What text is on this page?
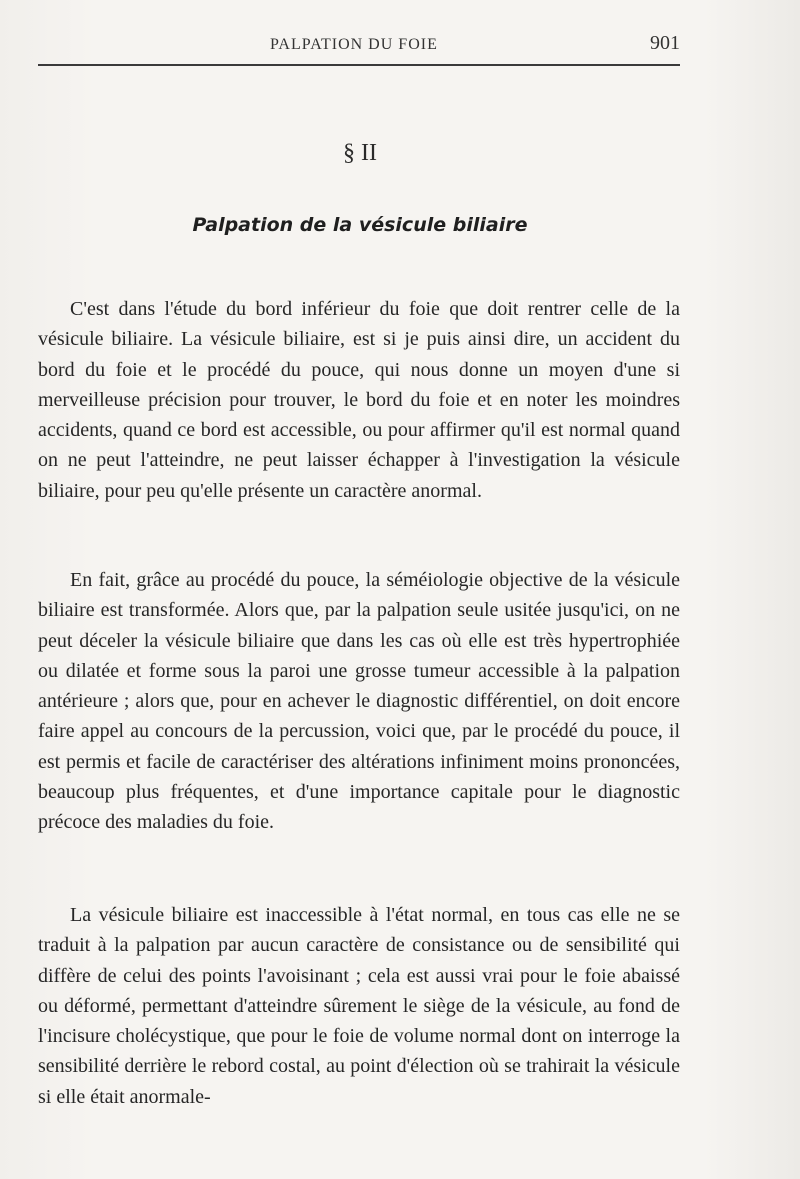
PALPATION DU FOIE	901
§ II
Palpation de la vésicule biliaire

C'est dans l'étude du bord inférieur du foie que doit rentrer celle de la vésicule biliaire. La vésicule biliaire, est si je puis ainsi dire, un accident du bord du foie et le procédé du pouce, qui nous donne un moyen d'une si merveilleuse précision pour trouver, le bord du foie et en noter les moindres accidents, quand ce bord est accessible, ou pour affirmer qu'il est normal quand on ne peut l'atteindre, ne peut laisser échapper à l'investigation la vésicule biliaire, pour peu qu'elle présente un caractère anormal.

En fait, grâce au procédé du pouce, la séméiologie objective de la vésicule biliaire est transformée. Alors que, par la palpation seule usitée jusqu'ici, on ne peut déceler la vésicule biliaire que dans les cas où elle est très hypertrophiée ou dilatée et forme sous la paroi une grosse tumeur accessible à la palpation antérieure ; alors que, pour en achever le diagnostic différentiel, on doit encore faire appel au concours de la percussion, voici que, par le procédé du pouce, il est permis et facile de caractériser des altérations infiniment moins prononcées, beaucoup plus fréquentes, et d'une importance capitale pour le diagnostic précoce des maladies du foie.

La vésicule biliaire est inaccessible à l'état normal, en tous cas elle ne se traduit à la palpation par aucun caractère de consistance ou de sensibilité qui diffère de celui des points l'avoisinant ; cela est aussi vrai pour le foie abaissé ou déformé, permettant d'atteindre sûrement le siège de la vésicule, au fond de l'incisure cholécystique, que pour le foie de volume normal dont on interroge la sensibilité derrière le rebord costal, au point d'élection où se trahirait la vésicule si elle était anormale-
